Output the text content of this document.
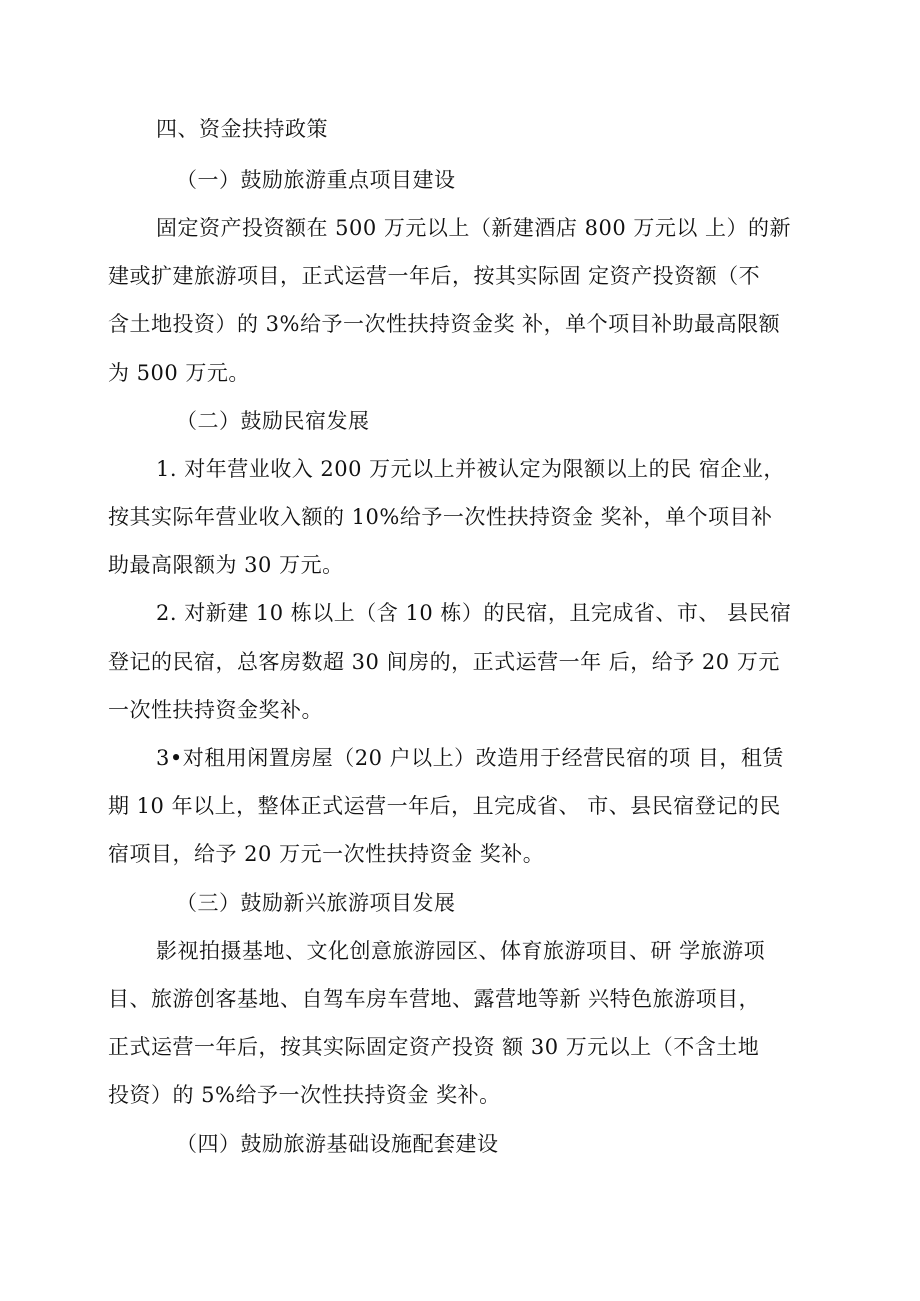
四、资金扶持政策
（一）鼓励旅游重点项目建设
固定资产投资额在 500 万元以上（新建酒店 800 万元以 上）的新
建或扩建旅游项目，正式运营一年后，按其实际固 定资产投资额（不
含土地投资）的 3%给予一次性扶持资金奖 补，单个项目补助最高限额
为 500 万元。
（二）鼓励民宿发展
1. 对年营业收入 200 万元以上并被认定为限额以上的民 宿企业，
按其实际年营业收入额的 10%给予一次性扶持资金 奖补，单个项目补
助最高限额为 30 万元。
2. 对新建 10 栋以上（含 10 栋）的民宿，且完成省、市、 县民宿
登记的民宿，总客房数超 30 间房的，正式运营一年 后，给予 20 万元
一次性扶持资金奖补。
3•对租用闲置房屋（20 户以上）改造用于经营民宿的项 目，租赁
期 10 年以上，整体正式运营一年后，且完成省、 市、县民宿登记的民
宿项目，给予 20 万元一次性扶持资金 奖补。
（三）鼓励新兴旅游项目发展
影视拍摄基地、文化创意旅游园区、体育旅游项目、研 学旅游项
目、旅游创客基地、自驾车房车营地、露营地等新 兴特色旅游项目，
正式运营一年后，按其实际固定资产投资 额 30 万元以上（不含土地
投资）的 5%给予一次性扶持资金 奖补。
（四）鼓励旅游基础设施配套建设
